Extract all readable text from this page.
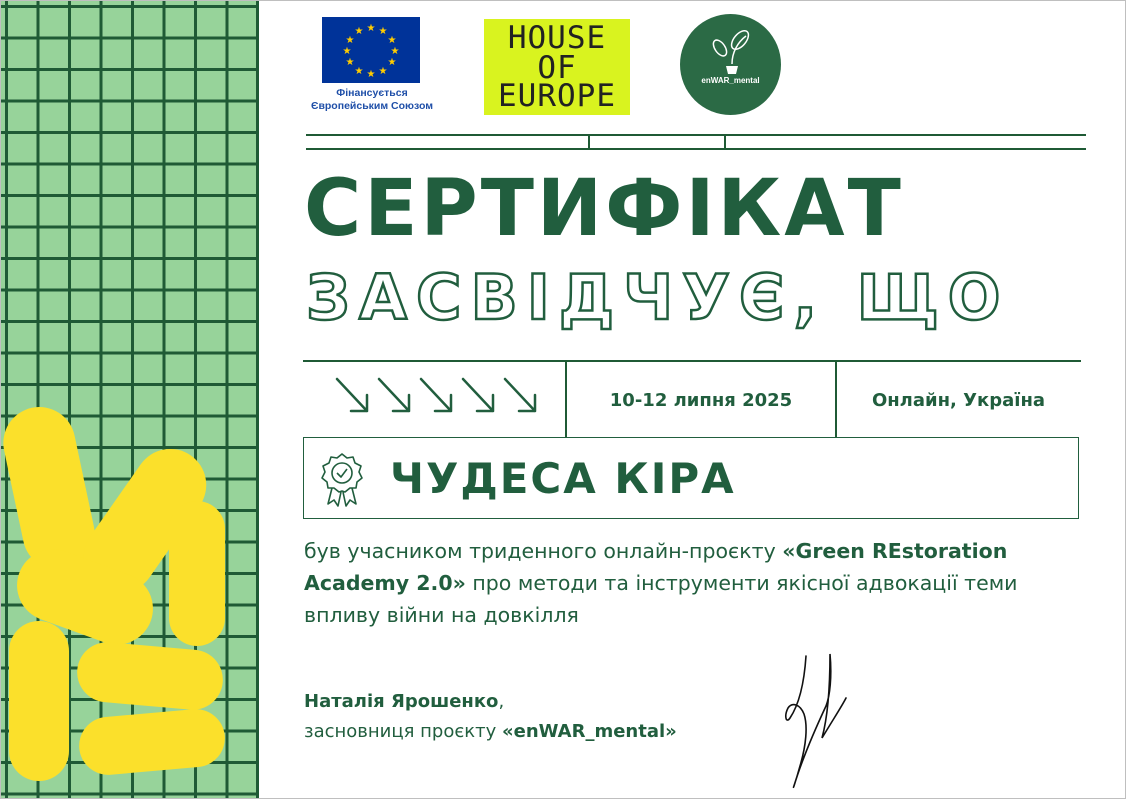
★ ★
★
★
★
★
★
★
★
★
★
★
Фінансується
Європейським Союзом
HOUSE
OF
EUROPE	enWAR_mental
СЕРТИФІКАТ
ЗАСВІДЧУЄ, ЩО
10-12 липня 2025	Онлайн, Україна
ЧУДЕСА КІРА
був учасником триденного онлайн-проєкту «Green REstoration Academy 2.0» про методи та інструменти якісної адвокації теми впливу війни на довкілля
Наталія Ярошенко,
засновниця проєкту «enWAR_mental»
